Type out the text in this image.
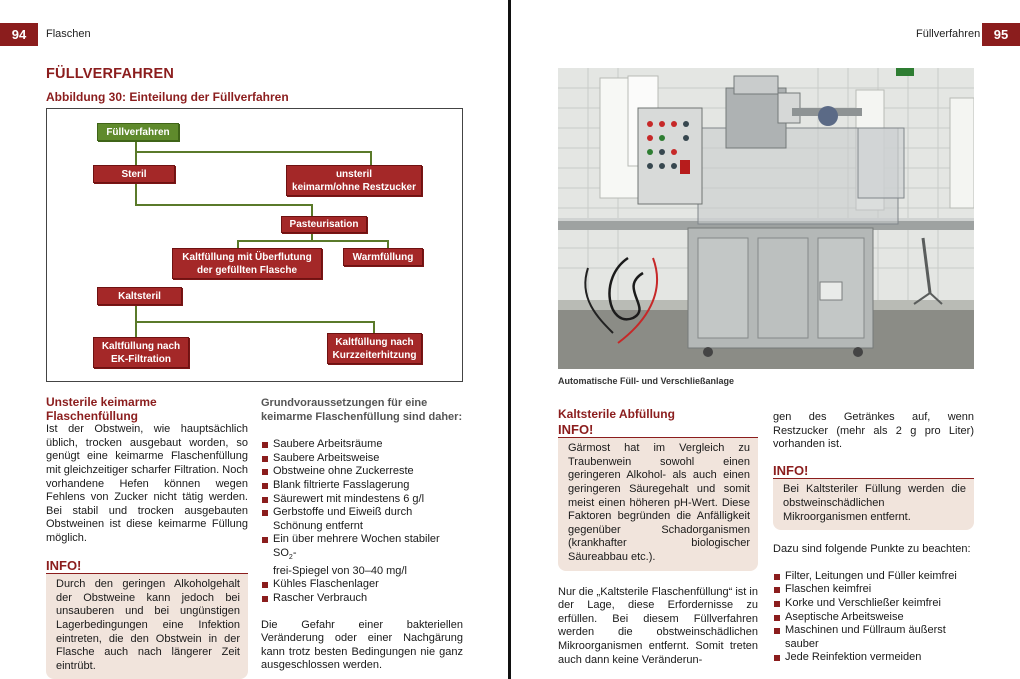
94	Flaschen
FÜLLVERFAHREN
Abbildung 30: Einteilung der Füllverfahren
Füllverfahren
Steril	unsteril
keimarm/ohne Restzucker
Pasteurisation
Kaltfüllung mit Überflutung
der gefüllten Flasche
Warmfüllung
Kaltsteril
Kaltfüllung nach
EK-Filtration
Kaltfüllung nach
Kurzzeiterhitzung
Unsterile keimarme Flaschenfüllung

Ist der Obstwein, wie hauptsächlich üblich, trocken ausgebaut worden, so genügt eine keimarme Flaschenfüllung mit gleichzeitiger scharfer Filtration. Noch vorhandene Hefen können wegen Fehlens von Zucker nicht tätig werden. Bei stabil und trocken ausgebauten Obstweinen ist diese keimarme Füllung möglich.

INFO!
Durch den geringen Alkoholgehalt der Obstweine kann jedoch bei unsauberen und bei ungünstigen Lagerbedingungen eine Infektion eintreten, die den Obstwein in der Flasche auch nach längerer Zeit eintrübt.
Grundvoraussetzungen für eine keimarme Flaschenfüllung sind daher:
Saubere Arbeitsräume
Saubere Arbeitsweise
Obstweine ohne Zuckerreste
Blank filtrierte Fasslagerung
Säurewert mit mindestens 6 g/l
Gerbstoffe und Eiweiß durch Schönung entfernt
Ein über mehrere Wochen stabiler $SO_2-$
frei-Spiegel von 30–40 mg/l
Kühles Flaschenlager
Rascher Verbrauch

Die Gefahr einer bakteriellen Veränderung oder einer Nachgärung kann trotz besten Bedingungen nie ganz ausgeschlossen werden.

Füllverfahren	95
Automatische Füll- und Verschließanlage
Kaltsterile Abfüllung
INFO!
Gärmost hat im Vergleich zu Traubenwein sowohl einen geringeren Alkohol- als auch einen geringeren Säuregehalt und somit meist einen höheren pH-Wert. Diese Faktoren begründen die Anfälligkeit gegenüber Schadorganismen (krankhafter biologischer Säureabbau etc.).

Nur die „Kaltsterile Flaschenfüllung“ ist in der Lage, diese Erfordernisse zu erfüllen. Bei diesem Füllverfahren werden die obstweinschädlichen Mikroorganismen entfernt. Somit treten auch dann keine Veränderun-

gen des Getränkes auf, wenn Restzucker (mehr als 2 g pro Liter) vorhanden ist.

INFO!
Bei Kaltsteriler Füllung werden die obstweinschädlichen Mikroorganismen entfernt.

Dazu sind folgende Punkte zu beachten:

Filter, Leitungen und Füller keimfrei
Flaschen keimfrei
Korke und Verschließer keimfrei
Aseptische Arbeitsweise
Maschinen und Füllraum äußerst sauber
Jede Reinfektion vermeiden
